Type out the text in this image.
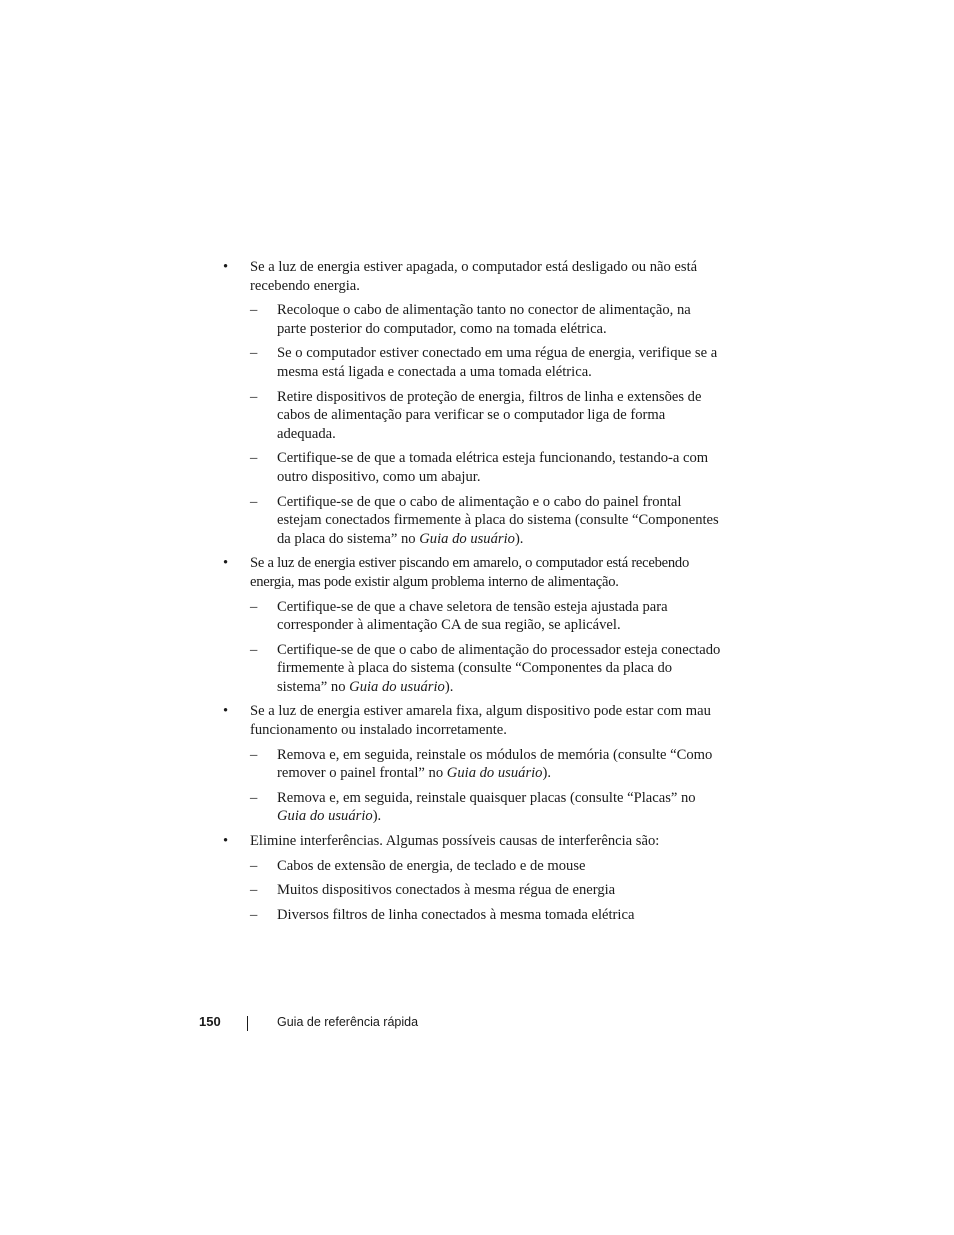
• Se a luz de energia estiver apagada, o computador está desligado ou não está recebendo energia.
– Recoloque o cabo de alimentação tanto no conector de alimentação, na parte posterior do computador, como na tomada elétrica.
– Se o computador estiver conectado em uma régua de energia, verifique se a mesma está ligada e conectada a uma tomada elétrica.
– Retire dispositivos de proteção de energia, filtros de linha e extensões de cabos de alimentação para verificar se o computador liga de forma adequada.
– Certifique-se de que a tomada elétrica esteja funcionando, testando-a com outro dispositivo, como um abajur.
– Certifique-se de que o cabo de alimentação e o cabo do painel frontal estejam conectados firmemente à placa do sistema (consulte “Componentes da placa do sistema” no Guia do usuário).
• Se a luz de energia estiver piscando em amarelo, o computador está recebendo energia, mas pode existir algum problema interno de alimentação.
– Certifique-se de que a chave seletora de tensão esteja ajustada para corresponder à alimentação CA de sua região, se aplicável.
– Certifique-se de que o cabo de alimentação do processador esteja conectado firmemente à placa do sistema (consulte “Componentes da placa do sistema” no Guia do usuário).
• Se a luz de energia estiver amarela fixa, algum dispositivo pode estar com mau funcionamento ou instalado incorretamente.
– Remova e, em seguida, reinstale os módulos de memória (consulte “Como remover o painel frontal” no Guia do usuário).
– Remova e, em seguida, reinstale quaisquer placas (consulte “Placas” no Guia do usuário).
• Elimine interferências. Algumas possíveis causas de interferência são:
– Cabos de extensão de energia, de teclado e de mouse
– Muitos dispositivos conectados à mesma régua de energia
– Diversos filtros de linha conectados à mesma tomada elétrica
150	Guia de referência rápida
